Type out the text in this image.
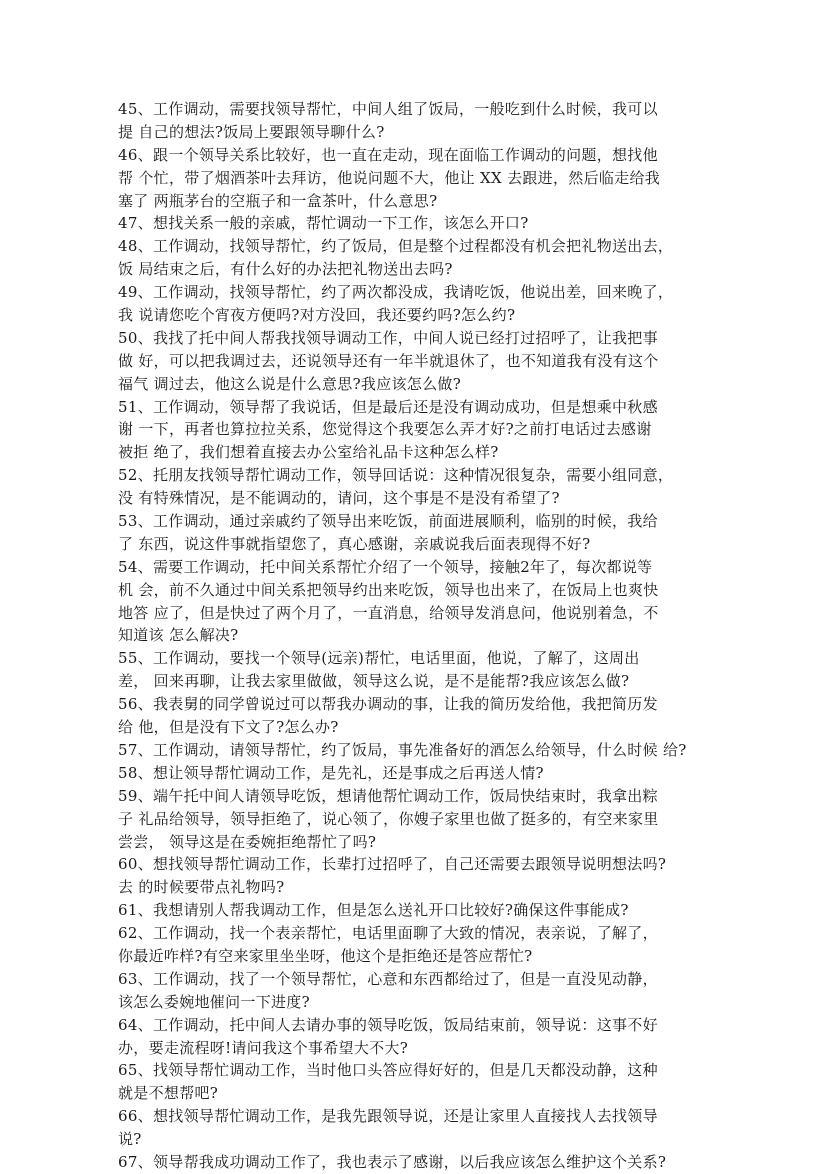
45、工作调动，需要找领导帮忙，中间人组了饭局，一般吃到什么时候，我可以
提 自己的想法?饭局上要跟领导聊什么?
46、跟一个领导关系比较好，也一直在走动，现在面临工作调动的问题，想找他
帮 个忙，带了烟酒茶叶去拜访，他说问题不大，他让 XX 去跟进，然后临走给我
塞了 两瓶茅台的空瓶子和一盒茶叶，什么意思?
47、想找关系一般的亲戚，帮忙调动一下工作，该怎么开口?
48、工作调动，找领导帮忙，约了饭局，但是整个过程都没有机会把礼物送出去，
饭 局结束之后，有什么好的办法把礼物送出去吗?
49、工作调动，找领导帮忙，约了两次都没成，我请吃饭，他说出差，回来晚了，
我 说请您吃个宵夜方便吗?对方没回，我还要约吗?怎么约?
50、我找了托中间人帮我找领导调动工作，中间人说已经打过招呼了，让我把事
做 好，可以把我调过去，还说领导还有一年半就退休了，也不知道我有没有这个
福气 调过去，他这么说是什么意思?我应该怎么做?
51、工作调动，领导帮了我说话，但是最后还是没有调动成功，但是想乘中秋感
谢 一下，再者也算拉拉关系，您觉得这个我要怎么弄才好?之前打电话过去感谢
被拒 绝了，我们想着直接去办公室给礼品卡这种怎么样?
52、托朋友找领导帮忙调动工作，领导回话说：这种情况很复杂，需要小组同意，
没 有特殊情况，是不能调动的，请问，这个事是不是没有希望了?
53、工作调动，通过亲戚约了领导出来吃饭，前面进展顺利，临别的时候，我给
了 东西，说这件事就指望您了，真心感谢，亲戚说我后面表现得不好?
54、需要工作调动，托中间关系帮忙介绍了一个领导，接触2年了，每次都说等
机 会，前不久通过中间关系把领导约出来吃饭，领导也出来了，在饭局上也爽快
地答 应了，但是快过了两个月了，一直消息，给领导发消息问，他说别着急，不
知道该 怎么解决?
55、工作调动，要找一个领导(远亲)帮忙，电话里面，他说，了解了，这周出
差， 回来再聊，让我去家里做做，领导这么说，是不是能帮?我应该怎么做?
56、我表舅的同学曾说过可以帮我办调动的事，让我的简历发给他，我把简历发
给 他，但是没有下文了?怎么办?
57、工作调动，请领导帮忙，约了饭局，事先准备好的酒怎么给领导，什么时候 给?
58、想让领导帮忙调动工作，是先礼，还是事成之后再送人情?
59、端午托中间人请领导吃饭，想请他帮忙调动工作，饭局快结束时，我拿出粽
子 礼品给领导，领导拒绝了，说心领了，你嫂子家里也做了挺多的，有空来家里
尝尝， 领导这是在委婉拒绝帮忙了吗?
60、想找领导帮忙调动工作，长辈打过招呼了，自己还需要去跟领导说明想法吗?
去 的时候要带点礼物吗?
61、我想请别人帮我调动工作，但是怎么送礼开口比较好?确保这件事能成?
62、工作调动，找一个表亲帮忙，电话里面聊了大致的情况，表亲说，了解了，
你最近咋样?有空来家里坐坐呀，他这个是拒绝还是答应帮忙?
63、工作调动，找了一个领导帮忙，心意和东西都给过了，但是一直没见动静，
该怎么委婉地催问一下进度?
64、工作调动，托中间人去请办事的领导吃饭，饭局结束前，领导说：这事不好
办，要走流程呀!请问我这个事希望大不大?
65、找领导帮忙调动工作，当时他口头答应得好好的，但是几天都没动静，这种
就是不想帮吧?
66、想找领导帮忙调动工作，是我先跟领导说，还是让家里人直接找人去找领导
说?
67、领导帮我成功调动工作了，我也表示了感谢，以后我应该怎么维护这个关系?
